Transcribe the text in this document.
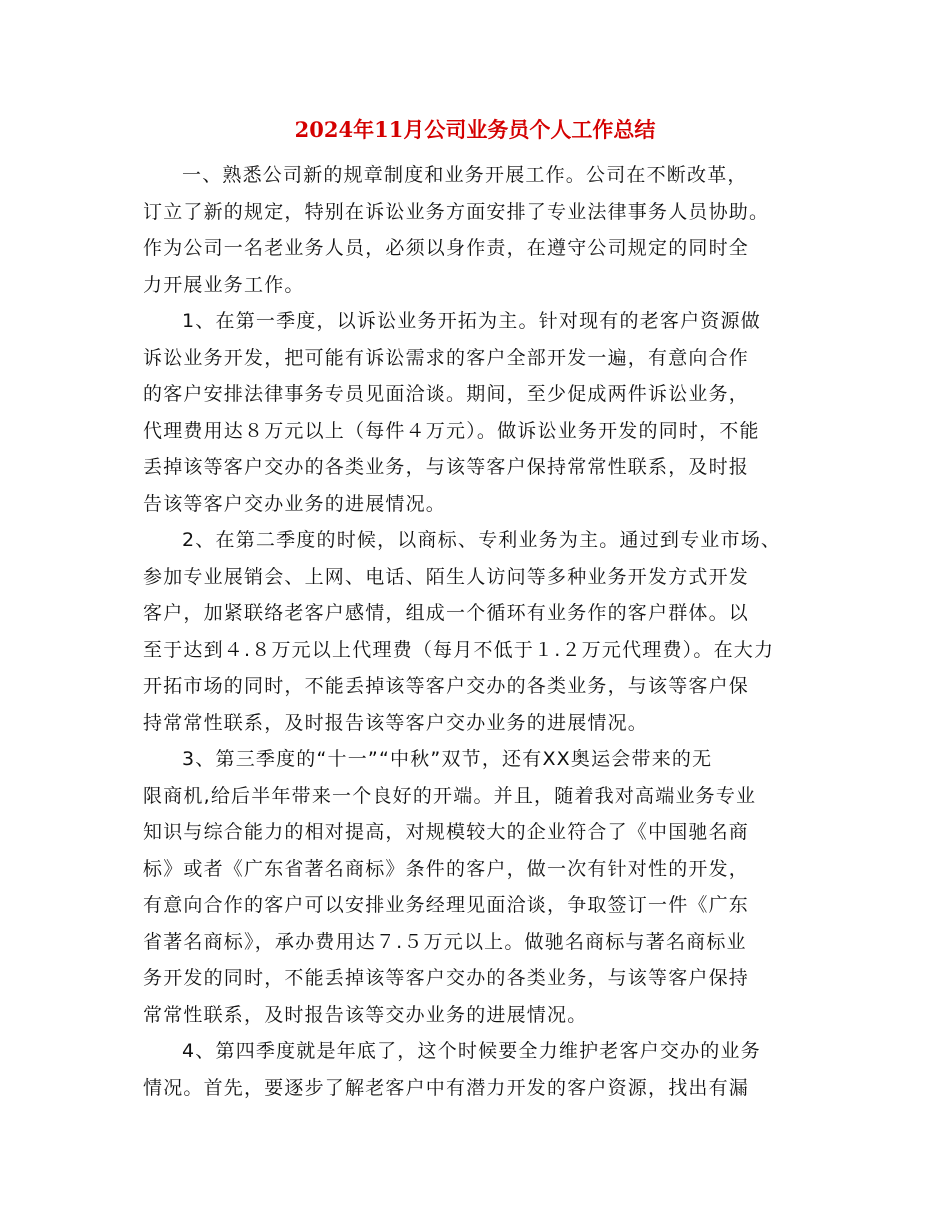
2024年11月公司业务员个人工作总结
一、熟悉公司新的规章制度和业务开展工作。公司在不断改革，
订立了新的规定，特别在诉讼业务方面安排了专业法律事务人员协助。
作为公司一名老业务人员，必须以身作责，在遵守公司规定的同时全
力开展业务工作。
1、在第一季度，以诉讼业务开拓为主。针对现有的老客户资源做
诉讼业务开发，把可能有诉讼需求的客户全部开发一遍，有意向合作
的客户安排法律事务专员见面洽谈。期间，至少促成两件诉讼业务，
代理费用达８万元以上（每件４万元）。做诉讼业务开发的同时，不能
丢掉该等客户交办的各类业务，与该等客户保持常常性联系，及时报
告该等客户交办业务的进展情况。
2、在第二季度的时候，以商标、专利业务为主。通过到专业市场、
参加专业展销会、上网、电话、陌生人访问等多种业务开发方式开发
客户，加紧联络老客户感情，组成一个循环有业务作的客户群体。以
至于达到４.８万元以上代理费（每月不低于１.２万元代理费）。在大力
开拓市场的同时，不能丢掉该等客户交办的各类业务，与该等客户保
持常常性联系，及时报告该等客户交办业务的进展情况。
3、第三季度的“十一”“中秋”双节，还有XX奥运会带来的无
限商机,给后半年带来一个良好的开端。并且，随着我对高端业务专业
知识与综合能力的相对提高，对规模较大的企业符合了《中国驰名商
标》或者《广东省著名商标》条件的客户，做一次有针对性的开发，
有意向合作的客户可以安排业务经理见面洽谈，争取签订一件《广东
省著名商标》，承办费用达７.５万元以上。做驰名商标与著名商标业
务开发的同时，不能丢掉该等客户交办的各类业务，与该等客户保持
常常性联系，及时报告该等交办业务的进展情况。
4、第四季度就是年底了，这个时候要全力维护老客户交办的业务
情况。首先，要逐步了解老客户中有潜力开发的客户资源，找出有漏
